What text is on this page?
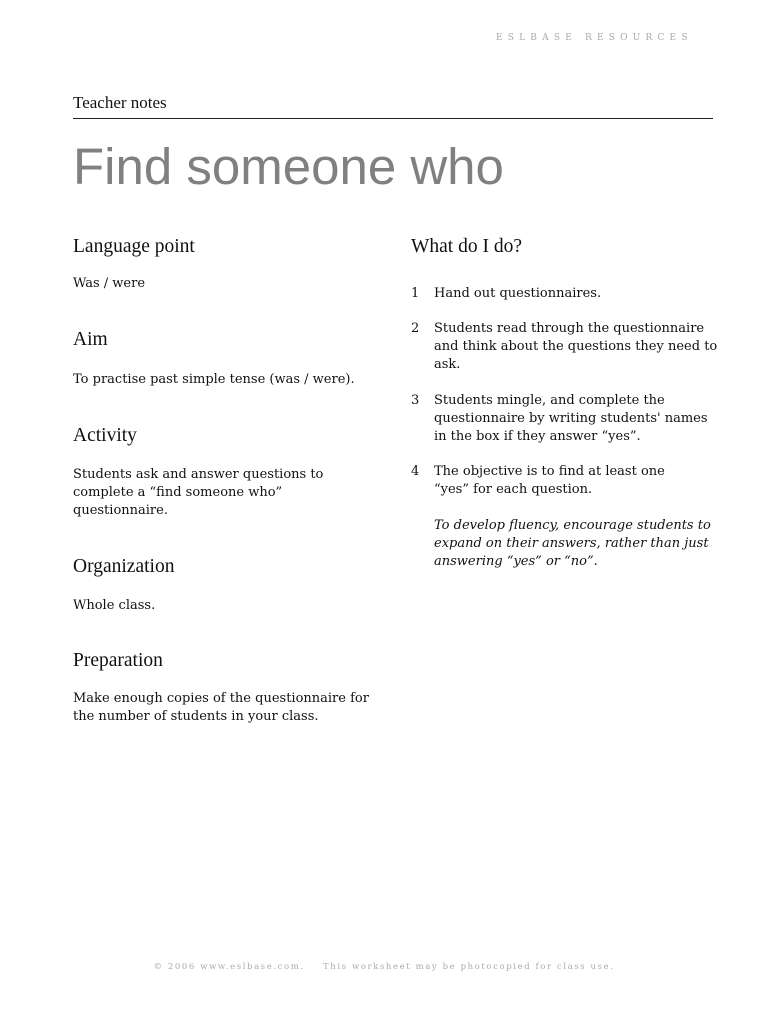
ESLBASE RESOURCES
Teacher notes
Find someone who
Language point

Was / were

Aim

To practise past simple tense (was / were).

Activity

Students ask and answer questions to complete a “find someone who” questionnaire.

Organization

Whole class.

Preparation

Make enough copies of the questionnaire for the number of students in your class.

What do I do?
1	Hand out questionnaires.
2	Students read through the questionnaire and think about the questions they need to ask.
3	Students mingle, and complete the questionnaire by writing students' names in the box if they answer “yes”.
4	The objective is to find at least one “yes” for each question.
To develop fluency, encourage students to expand on their answers, rather than just answering “yes” or “no”.
© 2006 www.eslbase.com. This worksheet may be photocopied for class use.
